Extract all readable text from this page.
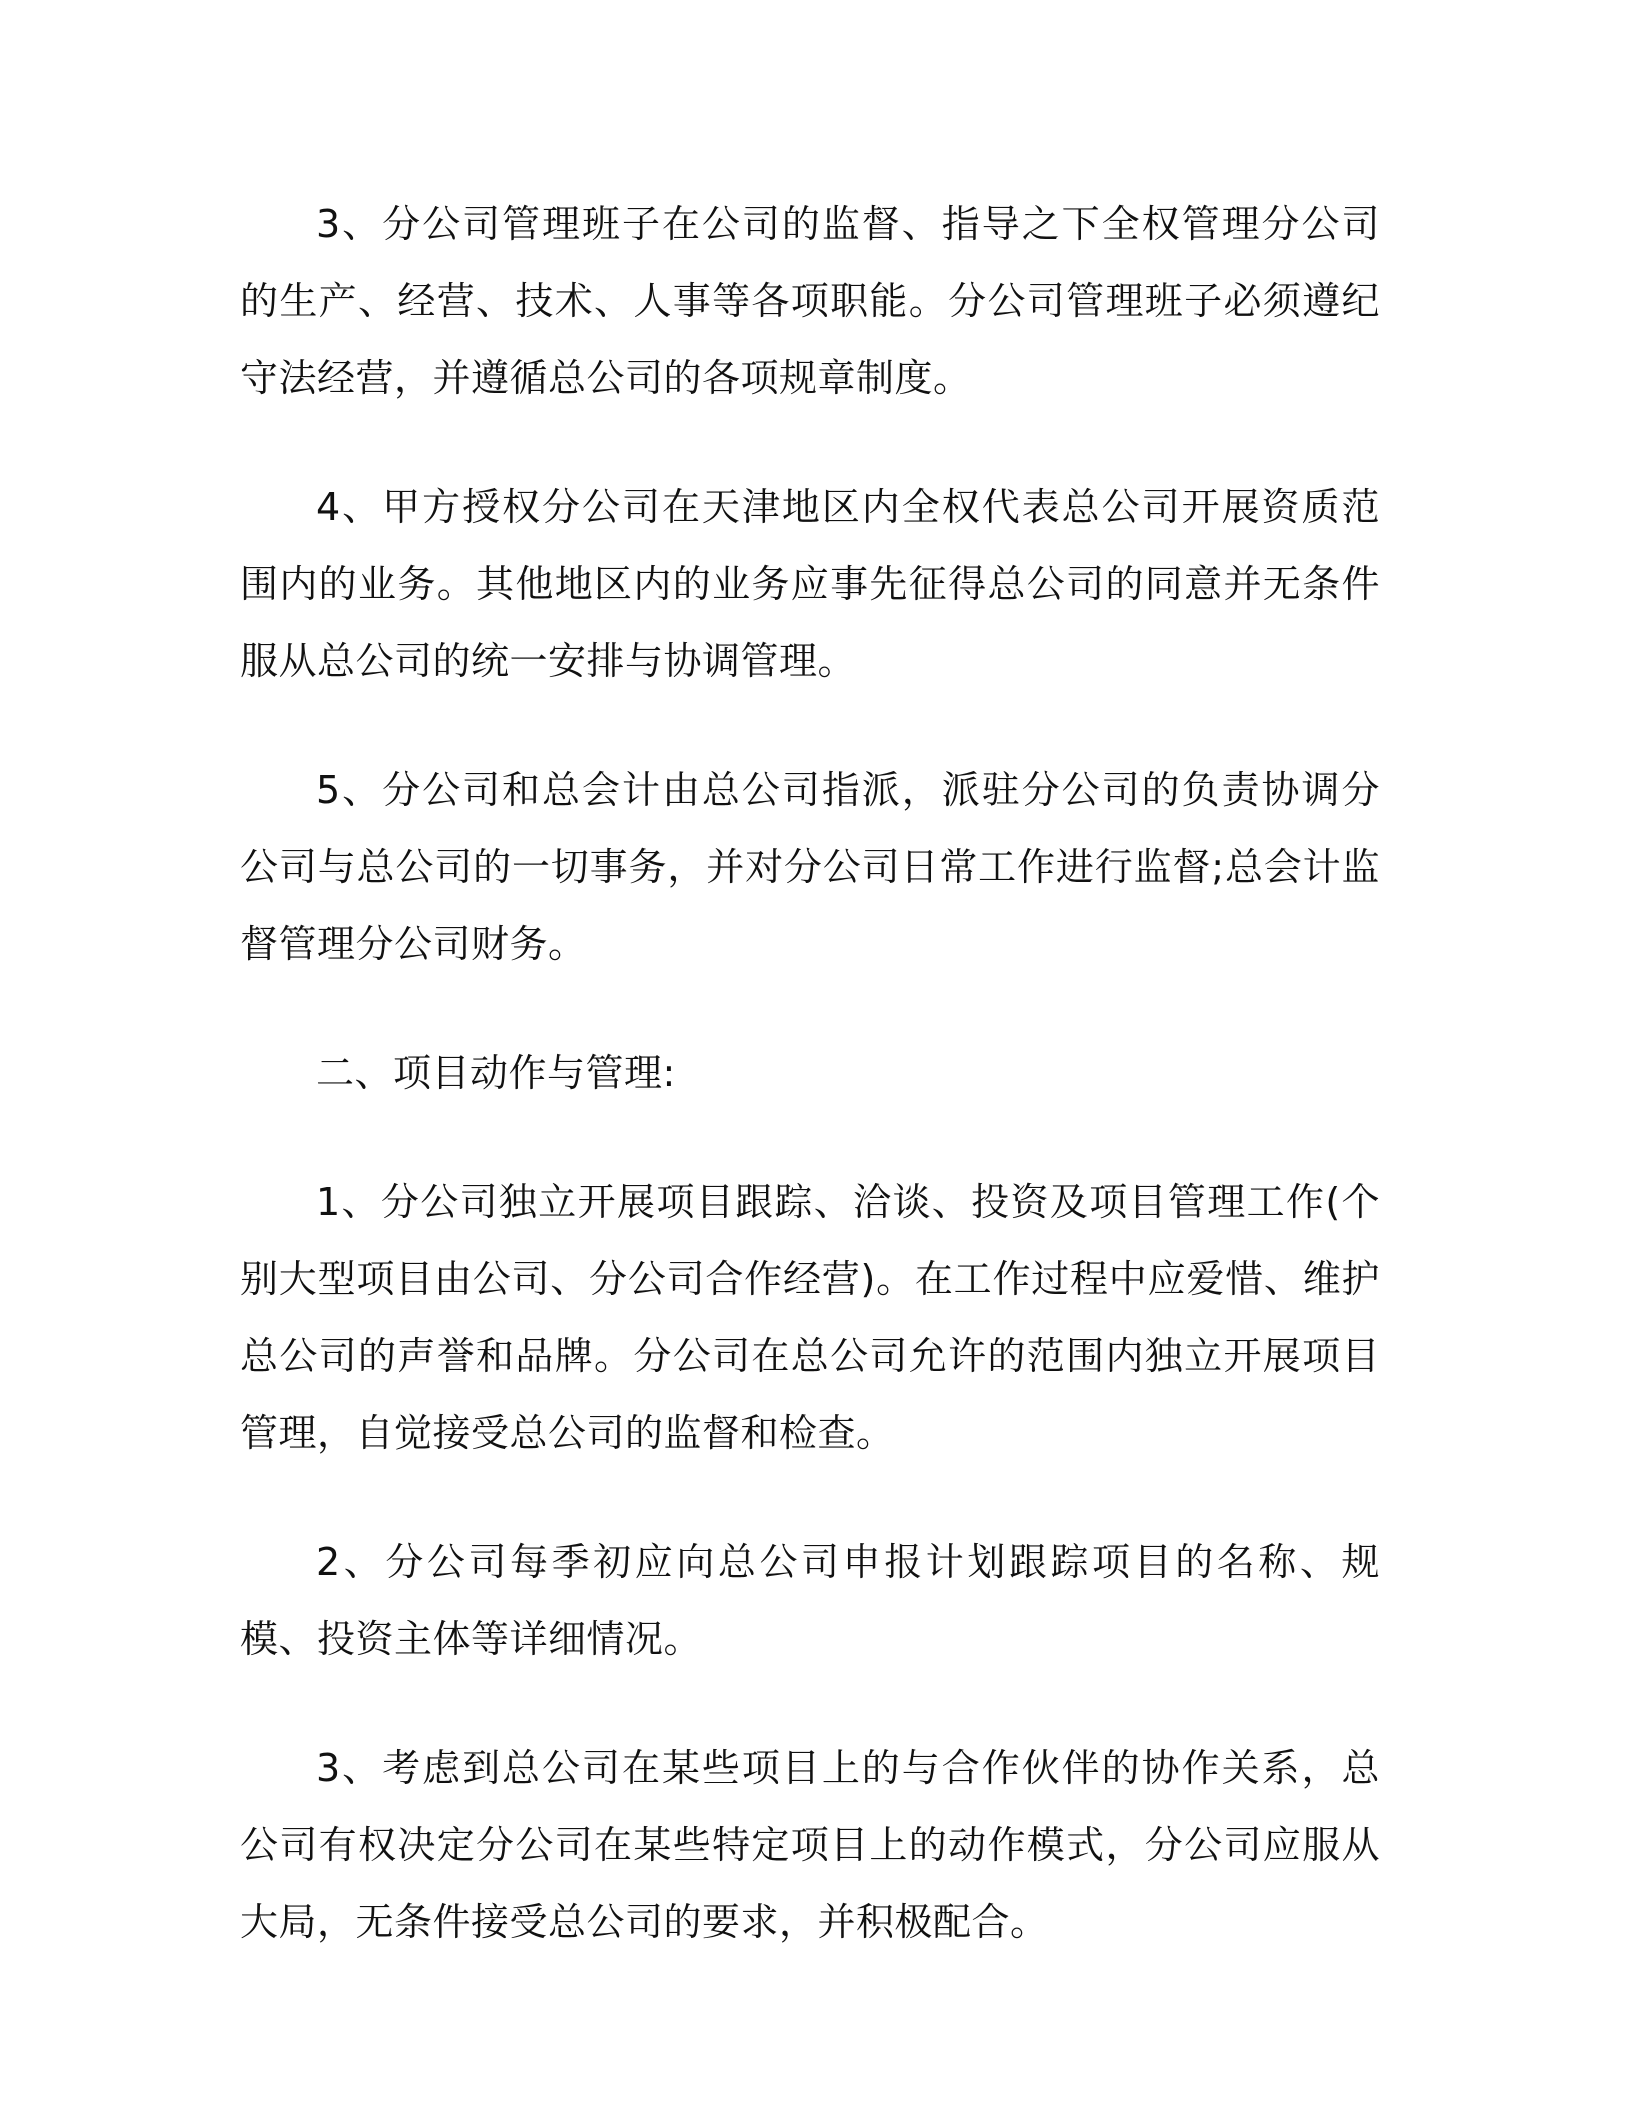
3、分公司管理班子在公司的监督、指导之下全权管理分公司的生产、经营、技术、人事等各项职能。分公司管理班子必须遵纪守法经营，并遵循总公司的各项规章制度。

4、甲方授权分公司在天津地区内全权代表总公司开展资质范围内的业务。其他地区内的业务应事先征得总公司的同意并无条件服从总公司的统一安排与协调管理。

5、分公司和总会计由总公司指派，派驻分公司的负责协调分公司与总公司的一切事务，并对分公司日常工作进行监督;总会计监督管理分公司财务。

二、项目动作与管理:

1、分公司独立开展项目跟踪、洽谈、投资及项目管理工作(个别大型项目由公司、分公司合作经营)。在工作过程中应爱惜、维护总公司的声誉和品牌。分公司在总公司允许的范围内独立开展项目管理，自觉接受总公司的监督和检查。

2、分公司每季初应向总公司申报计划跟踪项目的名称、规模、投资主体等详细情况。

3、考虑到总公司在某些项目上的与合作伙伴的协作关系，总公司有权决定分公司在某些特定项目上的动作模式，分公司应服从大局，无条件接受总公司的要求，并积极配合。
